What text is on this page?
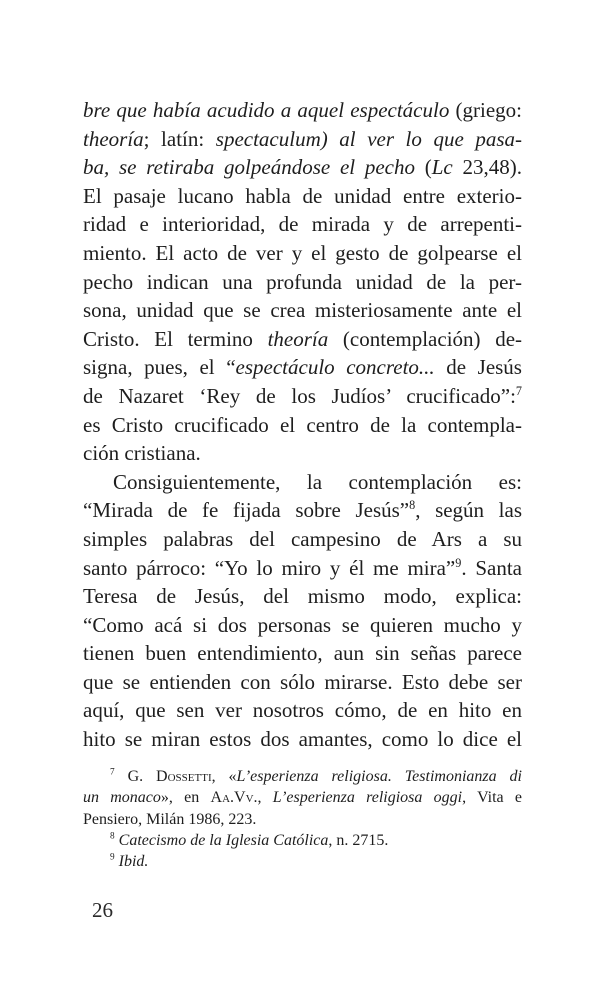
bre que había acudido a aquel espectáculo (griego:
theoría; latín: spectaculum) al ver lo que pasa-
ba, se retiraba golpeándose el pecho (Lc 23,48).
El pasaje lucano habla de unidad entre exterio-
ridad e interioridad, de mirada y de arrepenti-
miento. El acto de ver y el gesto de golpearse el
pecho indican una profunda unidad de la per-
sona, unidad que se crea misteriosamente ante el
Cristo. El termino theoría (contemplación) de-
signa, pues, el “espectáculo concreto... de Jesús
de Nazaret ‘Rey de los Judíos’ crucificado”:$^7$
es Cristo crucificado el centro de la contempla-
ción cristiana.
Consiguientemente, la contemplación es:
“Mirada de fe fijada sobre Jesús”$^8$, según las
simples palabras del campesino de Ars a su
santo párroco: “Yo lo miro y él me mira”$^9$. Santa
Teresa de Jesús, del mismo modo, explica:
“Como acá si dos personas se quieren mucho y
tienen buen entendimiento, aun sin señas parece
que se entienden con sólo mirarse. Esto debe ser
aquí, que sen ver nosotros cómo, de en hito en
hito se miran estos dos amantes, como lo dice el
$^7$ G. Dossetti, «L’esperienza religiosa. Testimonianza di
un monaco», en Aa.Vv., L’esperienza religiosa oggi, Vita e
Pensiero, Milán 1986, 223.
$^8$ Catecismo de la Iglesia Católica, n. 2715.
$^9$ Ibid.
26
